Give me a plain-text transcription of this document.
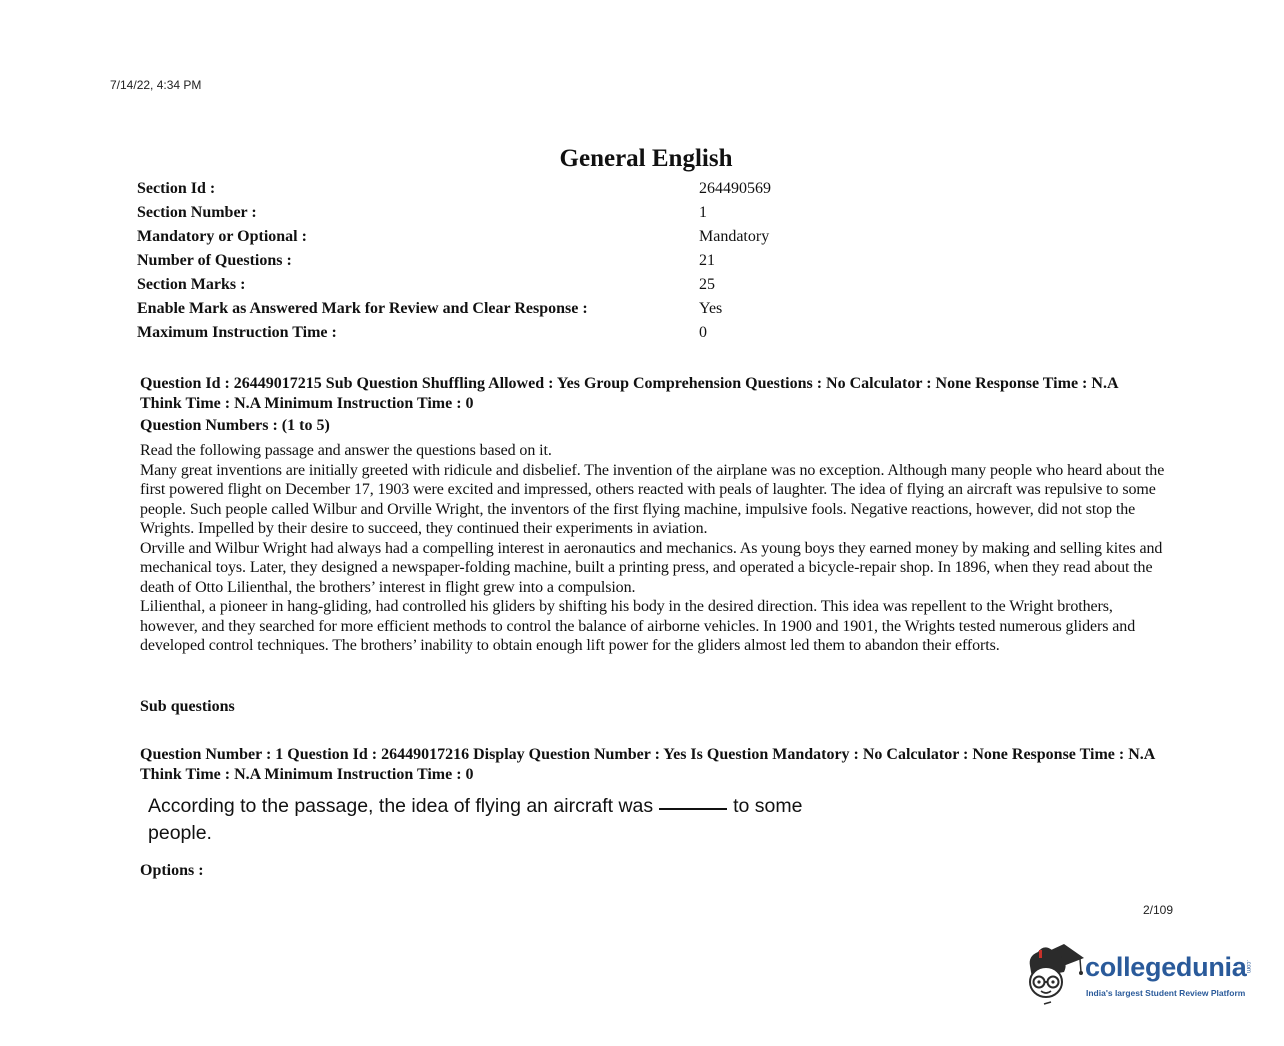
7/14/22, 4:34 PM
General English
Section Id :	264490569
Section Number :	1
Mandatory or Optional :	Mandatory
Number of Questions :	21
Section Marks :	25
Enable Mark as Answered Mark for Review and Clear Response :	Yes
Maximum Instruction Time :	0
Question Id : 26449017215 Sub Question Shuffling Allowed : Yes Group Comprehension Questions : No Calculator : None Response Time : N.A Think Time : N.A Minimum Instruction Time : 0
Question Numbers : (1 to 5)

Read the following passage and answer the questions based on it.

Many great inventions are initially greeted with ridicule and disbelief. The invention of the airplane was no exception. Although many people who heard about the first powered flight on December 17, 1903 were excited and impressed, others reacted with peals of laughter. The idea of flying an aircraft was repulsive to some people. Such people called Wilbur and Orville Wright, the inventors of the first flying machine, impulsive fools. Negative reactions, however, did not stop the Wrights. Impelled by their desire to succeed, they continued their experiments in aviation.

Orville and Wilbur Wright had always had a compelling interest in aeronautics and mechanics. As young boys they earned money by making and selling kites and mechanical toys. Later, they designed a newspaper-folding machine, built a printing press, and operated a bicycle-repair shop. In 1896, when they read about the death of Otto Lilienthal, the brothers’ interest in flight grew into a compulsion.

Lilienthal, a pioneer in hang-gliding, had controlled his gliders by shifting his body in the desired direction. This idea was repellent to the Wright brothers, however, and they searched for more efficient methods to control the balance of airborne vehicles. In 1900 and 1901, the Wrights tested numerous gliders and developed control techniques. The brothers’ inability to obtain enough lift power for the gliders almost led them to abandon their efforts.

Sub questions
Question Number : 1 Question Id : 26449017216 Display Question Number : Yes Is Question Mandatory : No Calculator : None Response Time : N.A Think Time : N.A Minimum Instruction Time : 0
According to the passage, the idea of flying an aircraft was	to some people.
Options :
2/109
collegedunia
.com
India's largest Student Review Platform
